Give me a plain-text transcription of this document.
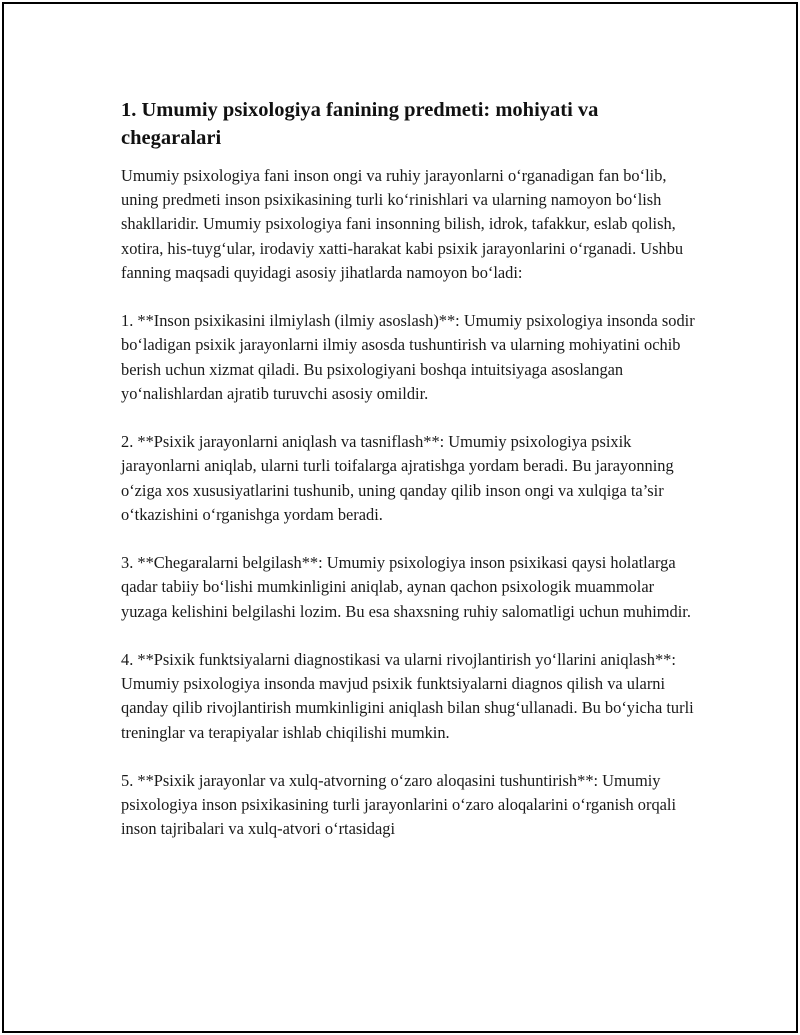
1. Umumiy psixologiya fanining predmeti: mohiyati va chegaralari

Umumiy psixologiya fani inson ongi va ruhiy jarayonlarni o‘rganadigan fan bo‘lib, uning predmeti inson psixikasining turli ko‘rinishlari va ularning namoyon bo‘lish shakllaridir. Umumiy psixologiya fani insonning bilish, idrok, tafakkur, eslab qolish, xotira, his-tuyg‘ular, irodaviy xatti-harakat kabi psixik jarayonlarini o‘rganadi. Ushbu fanning maqsadi quyidagi asosiy jihatlarda namoyon bo‘ladi:

1. **Inson psixikasini ilmiylash (ilmiy asoslash)**: Umumiy psixologiya insonda sodir bo‘ladigan psixik jarayonlarni ilmiy asosda tushuntirish va ularning mohiyatini ochib berish uchun xizmat qiladi. Bu psixologiyani boshqa intuitsiyaga asoslangan yo‘nalishlardan ajratib turuvchi asosiy omildir.

2. **Psixik jarayonlarni aniqlash va tasniflash**: Umumiy psixologiya psixik jarayonlarni aniqlab, ularni turli toifalarga ajratishga yordam beradi. Bu jarayonning o‘ziga xos xususiyatlarini tushunib, uning qanday qilib inson ongi va xulqiga ta’sir o‘tkazishini o‘rganishga yordam beradi.

3. **Chegaralarni belgilash**: Umumiy psixologiya inson psixikasi qaysi holatlarga qadar tabiiy bo‘lishi mumkinligini aniqlab, aynan qachon psixologik muammolar yuzaga kelishini belgilashi lozim. Bu esa shaxsning ruhiy salomatligi uchun muhimdir.

4. **Psixik funktsiyalarni diagnostikasi va ularni rivojlantirish yo‘llarini aniqlash**: Umumiy psixologiya insonda mavjud psixik funktsiyalarni diagnos qilish va ularni qanday qilib rivojlantirish mumkinligini aniqlash bilan shug‘ullanadi. Bu bo‘yicha turli treninglar va terapiyalar ishlab chiqilishi mumkin.

5. **Psixik jarayonlar va xulq-atvorning o‘zaro aloqasini tushuntirish**: Umumiy psixologiya inson psixikasining turli jarayonlarini o‘zaro aloqalarini o‘rganish orqali inson tajribalari va xulq-atvori o‘rtasidagi
